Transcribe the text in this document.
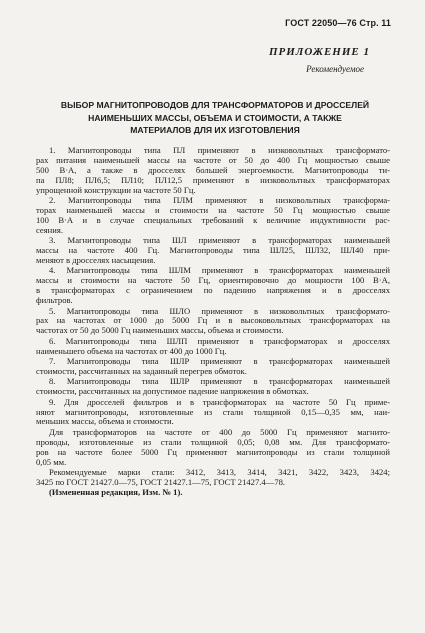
ГОСТ 22050—76 Стр. 11
ПРИЛОЖЕНИЕ 1
Рекомендуемое
ВЫБОР МАГНИТОПРОВОДОВ ДЛЯ ТРАНСФОРМАТОРОВ И ДРОССЕЛЕЙ
НАИМЕНЬШИХ МАССЫ, ОБЪЕМА И СТОИМОСТИ, А ТАКЖЕ
МАТЕРИАЛОВ ДЛЯ ИХ ИЗГОТОВЛЕНИЯ
1. Магнитопроводы типа ПЛ применяют в низковольтных трансформато-
рах питания наименьшей массы на частоте от 50 до 400 Гц мощностью свыше
500 В·А, а также в дросселях большей энергоемкости. Магнитопроводы ти-
па ПЛ8; ПЛ6,5; ПЛ10; ПЛ12,5 применяют в низковольтных трансформаторах
упрощенной конструкции на частоте 50 Гц.
2. Магнитопроводы типа ПЛМ применяют в низковольтных трансформа-
торах наименьшей массы и стоимости на частоте 50 Гц мощностью свыше
100 В·А и в случае специальных требований к величине индуктивности рас-
сеяния.
3. Магнитопроводы типа ШЛ применяют в трансформаторах наименьшей
массы на частоте 400 Гц. Магнитопроводы типа ШЛ25, ШЛ32, ШЛ40 при-
меняют в дросселях насыщения.
4. Магнитопроводы типа ШЛМ применяют в трансформаторах наименьшей
массы и стоимости на частоте 50 Гц, ориентировочно до мощности 100 В·А,
в трансформаторах с ограничением по падению напряжения и в дросселях
фильтров.
5. Магнитопроводы типа ШЛО применяют в низковольтных трансформато-
рах на частотах от 1000 до 5000 Гц и в высоковольтных трансформаторах на
частотах от 50 до 5000 Гц наименьших массы, объема и стоимости.
6. Магнитопроводы типа ШЛП применяют в трансформаторах и дросселях
наименьшего объема на частотах от 400 до 1000 Гц.
7. Магнитопроводы типа ШЛР применяют в трансформаторах наименьшей
стоимости, рассчитанных на заданный перегрев обмоток.
8. Магнитопроводы типа ШЛР применяют в трансформаторах наименьшей
стоимости, рассчитанных на допустимое падение напряжения в обмотках.
9. Для дросселей фильтров и в трансформаторах на частоте 50 Гц приме-
няют магнитопроводы, изготовленные из стали толщиной 0,15—0,35 мм, наи-
меньших массы, объема и стоимости.
Для трансформаторов на частоте от 400 до 5000 Гц применяют магнито-
проводы, изготовленные из стали толщиной 0,05; 0,08 мм. Для трансформато-
ров на частоте более 5000 Гц применяют магнитопроводы из стали толщиной
0,05 мм.
Рекомендуемые марки стали: 3412, 3413, 3414, 3421, 3422, 3423, 3424;
3425 по ГОСТ 21427.0—75, ГОСТ 21427.1—75, ГОСТ 21427.4—78.
(Измененная редакция, Изм. № 1).
